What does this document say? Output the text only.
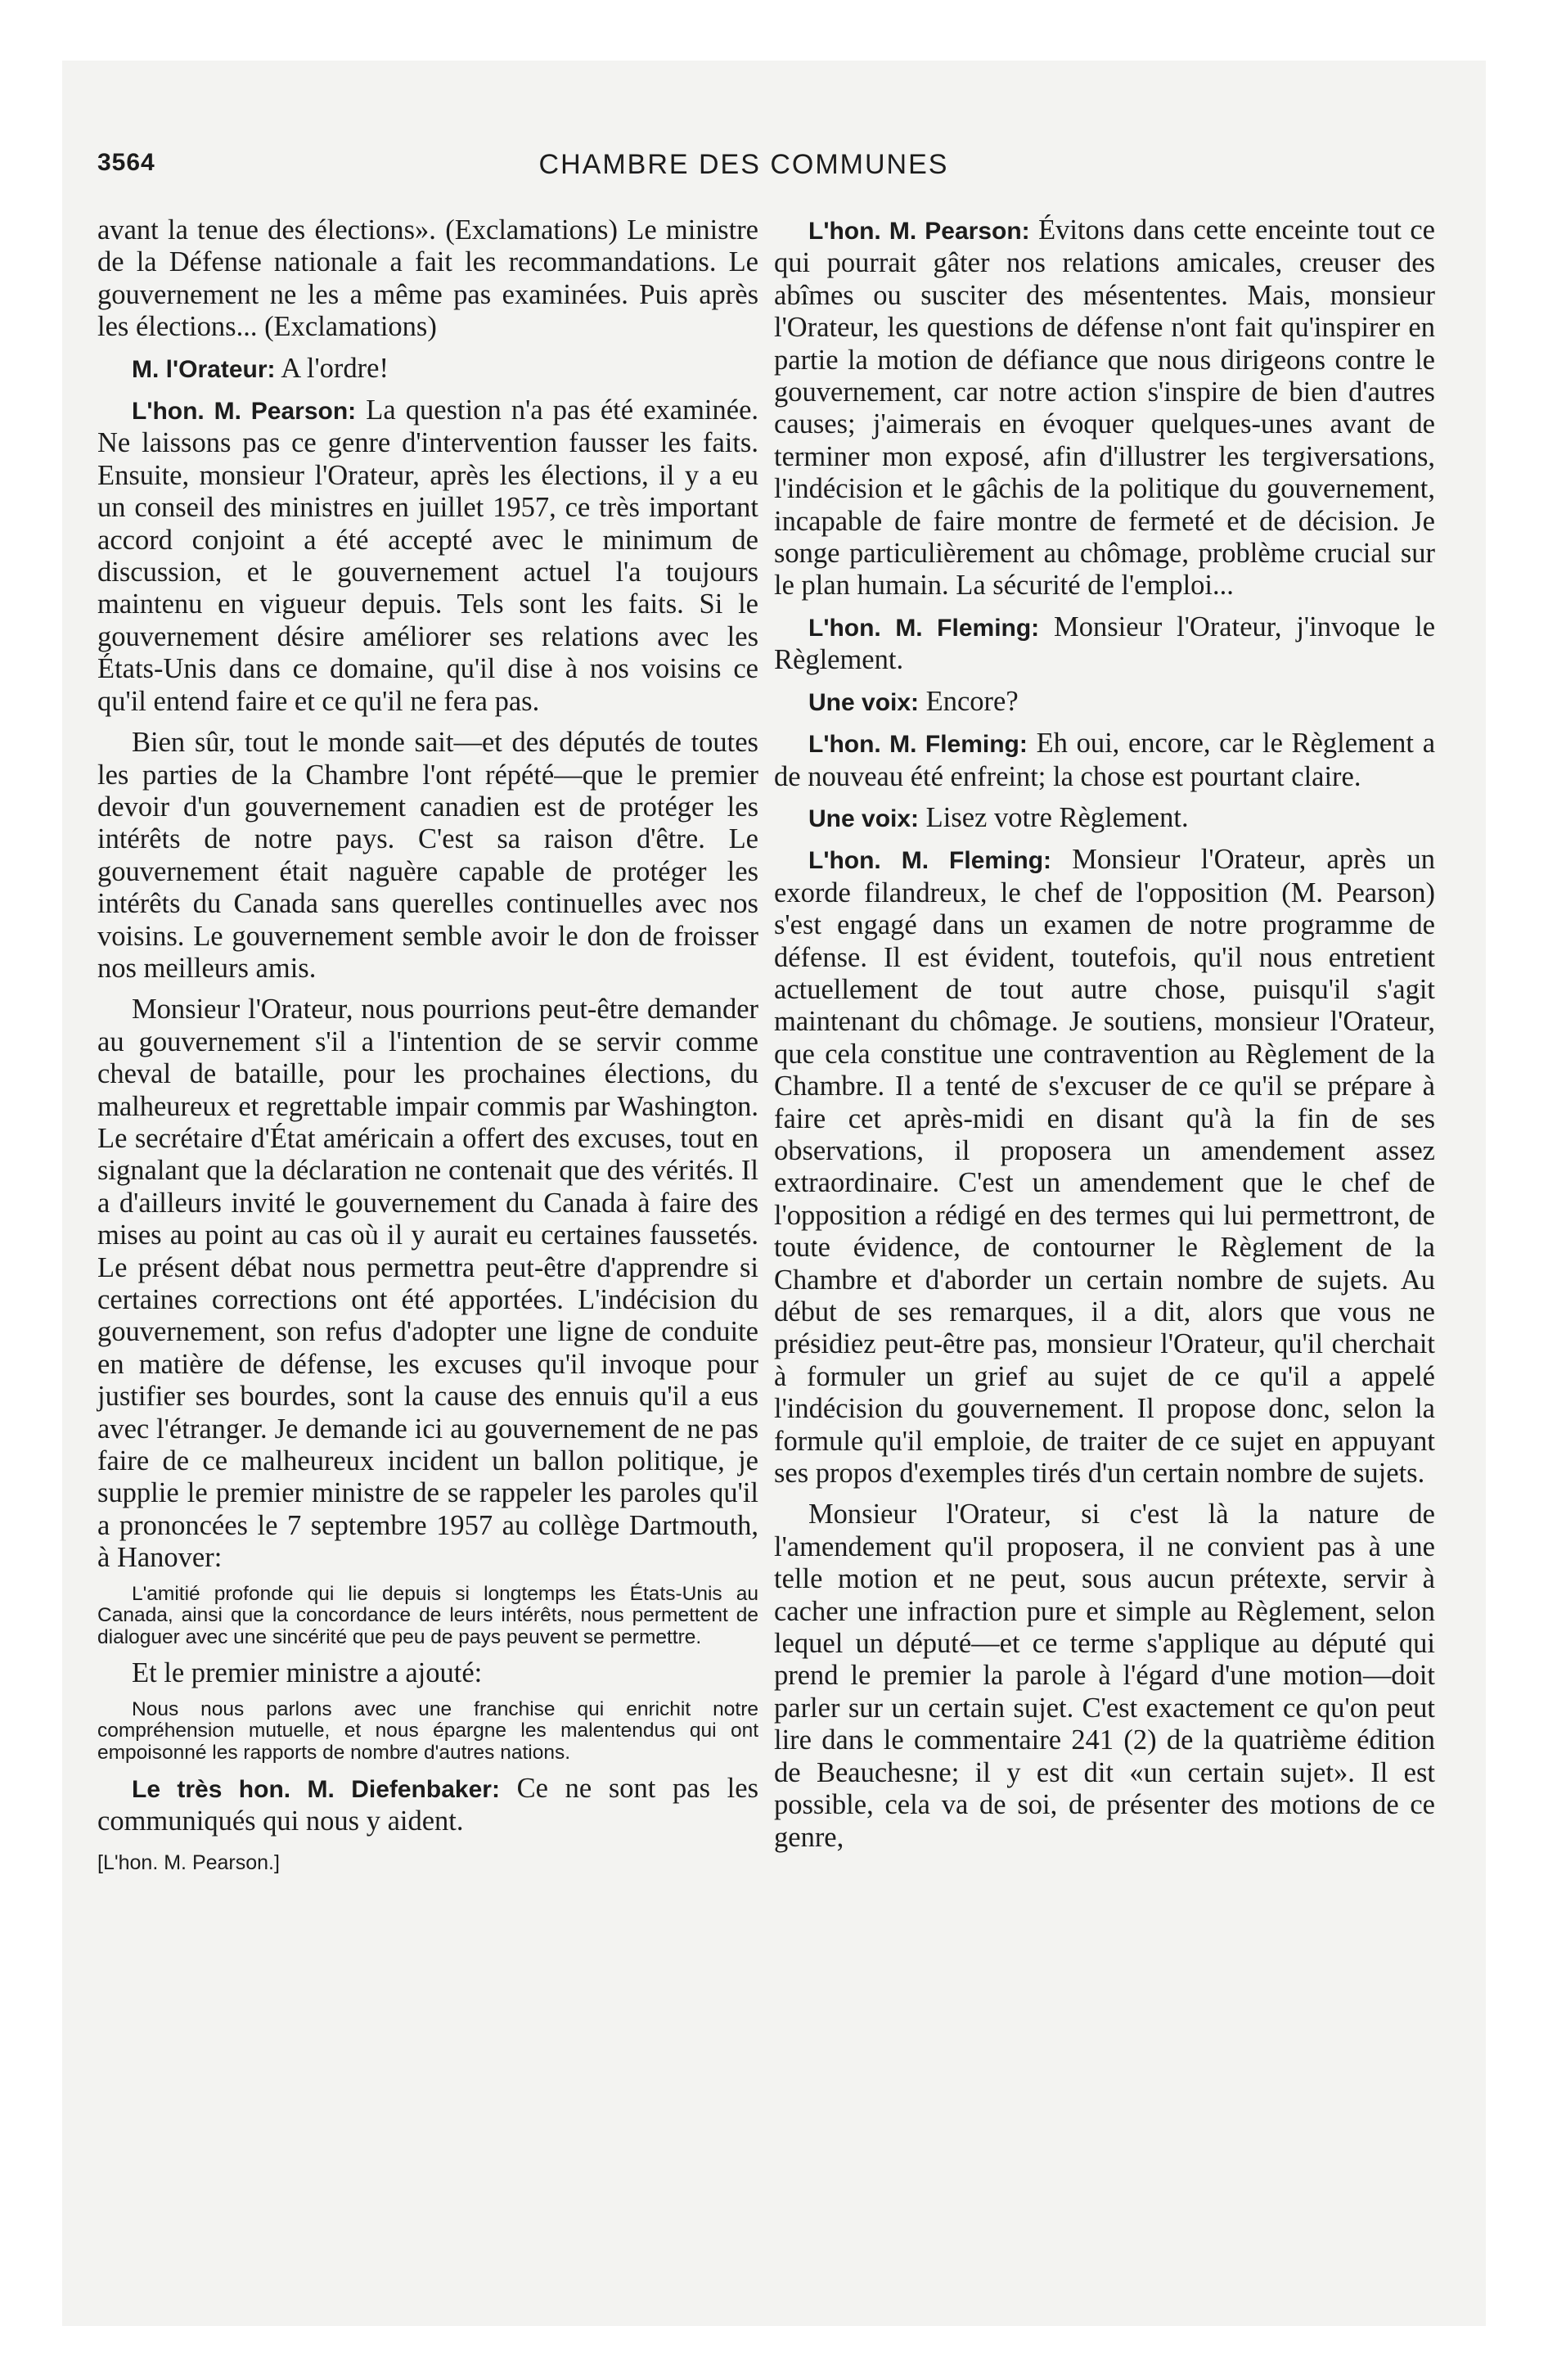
3564	CHAMBRE DES COMMUNES

avant la tenue des élections». (Exclamations) Le ministre de la Défense nationale a fait les recommandations. Le gouvernement ne les a même pas examinées. Puis après les élections... (Exclamations)

M. l'Orateur: A l'ordre!

L'hon. M. Pearson: La question n'a pas été examinée. Ne laissons pas ce genre d'intervention fausser les faits. Ensuite, monsieur l'Orateur, après les élections, il y a eu un conseil des ministres en juillet 1957, ce très important accord conjoint a été accepté avec le minimum de discussion, et le gouvernement actuel l'a toujours maintenu en vigueur depuis. Tels sont les faits. Si le gouvernement désire améliorer ses relations avec les États-Unis dans ce domaine, qu'il dise à nos voisins ce qu'il entend faire et ce qu'il ne fera pas.

Bien sûr, tout le monde sait—et des députés de toutes les parties de la Chambre l'ont répété—que le premier devoir d'un gouvernement canadien est de protéger les intérêts de notre pays. C'est sa raison d'être. Le gouvernement était naguère capable de protéger les intérêts du Canada sans querelles continuelles avec nos voisins. Le gouvernement semble avoir le don de froisser nos meilleurs amis.

Monsieur l'Orateur, nous pourrions peut-être demander au gouvernement s'il a l'intention de se servir comme cheval de bataille, pour les prochaines élections, du malheureux et regrettable impair commis par Washington. Le secrétaire d'État américain a offert des excuses, tout en signalant que la déclaration ne contenait que des vérités. Il a d'ailleurs invité le gouvernement du Canada à faire des mises au point au cas où il y aurait eu certaines faussetés. Le présent débat nous permettra peut-être d'apprendre si certaines corrections ont été apportées. L'indécision du gouvernement, son refus d'adopter une ligne de conduite en matière de défense, les excuses qu'il invoque pour justifier ses bourdes, sont la cause des ennuis qu'il a eus avec l'étranger. Je demande ici au gouvernement de ne pas faire de ce malheureux incident un ballon politique, je supplie le premier ministre de se rappeler les paroles qu'il a prononcées le 7 septembre 1957 au collège Dartmouth, à Hanover:

L'amitié profonde qui lie depuis si longtemps les États-Unis au Canada, ainsi que la concordance de leurs intérêts, nous permettent de dialoguer avec une sincérité que peu de pays peuvent se permettre.

Et le premier ministre a ajouté:

Nous nous parlons avec une franchise qui enrichit notre compréhension mutuelle, et nous épargne les malentendus qui ont empoisonné les rapports de nombre d'autres nations.

Le très hon. M. Diefenbaker: Ce ne sont pas les communiqués qui nous y aident.

[L'hon. M. Pearson.]

L'hon. M. Pearson: Évitons dans cette enceinte tout ce qui pourrait gâter nos relations amicales, creuser des abîmes ou susciter des mésententes. Mais, monsieur l'Orateur, les questions de défense n'ont fait qu'inspirer en partie la motion de défiance que nous dirigeons contre le gouvernement, car notre action s'inspire de bien d'autres causes; j'aimerais en évoquer quelques-unes avant de terminer mon exposé, afin d'illustrer les tergiversations, l'indécision et le gâchis de la politique du gouvernement, incapable de faire montre de fermeté et de décision. Je songe particulièrement au chômage, problème crucial sur le plan humain. La sécurité de l'emploi...

L'hon. M. Fleming: Monsieur l'Orateur, j'invoque le Règlement.

Une voix: Encore?

L'hon. M. Fleming: Eh oui, encore, car le Règlement a de nouveau été enfreint; la chose est pourtant claire.

Une voix: Lisez votre Règlement.

L'hon. M. Fleming: Monsieur l'Orateur, après un exorde filandreux, le chef de l'opposition (M. Pearson) s'est engagé dans un examen de notre programme de défense. Il est évident, toutefois, qu'il nous entretient actuellement de tout autre chose, puisqu'il s'agit maintenant du chômage. Je soutiens, monsieur l'Orateur, que cela constitue une contravention au Règlement de la Chambre. Il a tenté de s'excuser de ce qu'il se prépare à faire cet après-midi en disant qu'à la fin de ses observations, il proposera un amendement assez extraordinaire. C'est un amendement que le chef de l'opposition a rédigé en des termes qui lui permettront, de toute évidence, de contourner le Règlement de la Chambre et d'aborder un certain nombre de sujets. Au début de ses remarques, il a dit, alors que vous ne présidiez peut-être pas, monsieur l'Orateur, qu'il cherchait à formuler un grief au sujet de ce qu'il a appelé l'indécision du gouvernement. Il propose donc, selon la formule qu'il emploie, de traiter de ce sujet en appuyant ses propos d'exemples tirés d'un certain nombre de sujets.

Monsieur l'Orateur, si c'est là la nature de l'amendement qu'il proposera, il ne convient pas à une telle motion et ne peut, sous aucun prétexte, servir à cacher une infraction pure et simple au Règlement, selon lequel un député—et ce terme s'applique au député qui prend le premier la parole à l'égard d'une motion—doit parler sur un certain sujet. C'est exactement ce qu'on peut lire dans le commentaire 241 (2) de la quatrième édition de Beauchesne; il y est dit «un certain sujet». Il est possible, cela va de soi, de présenter des motions de ce genre,
